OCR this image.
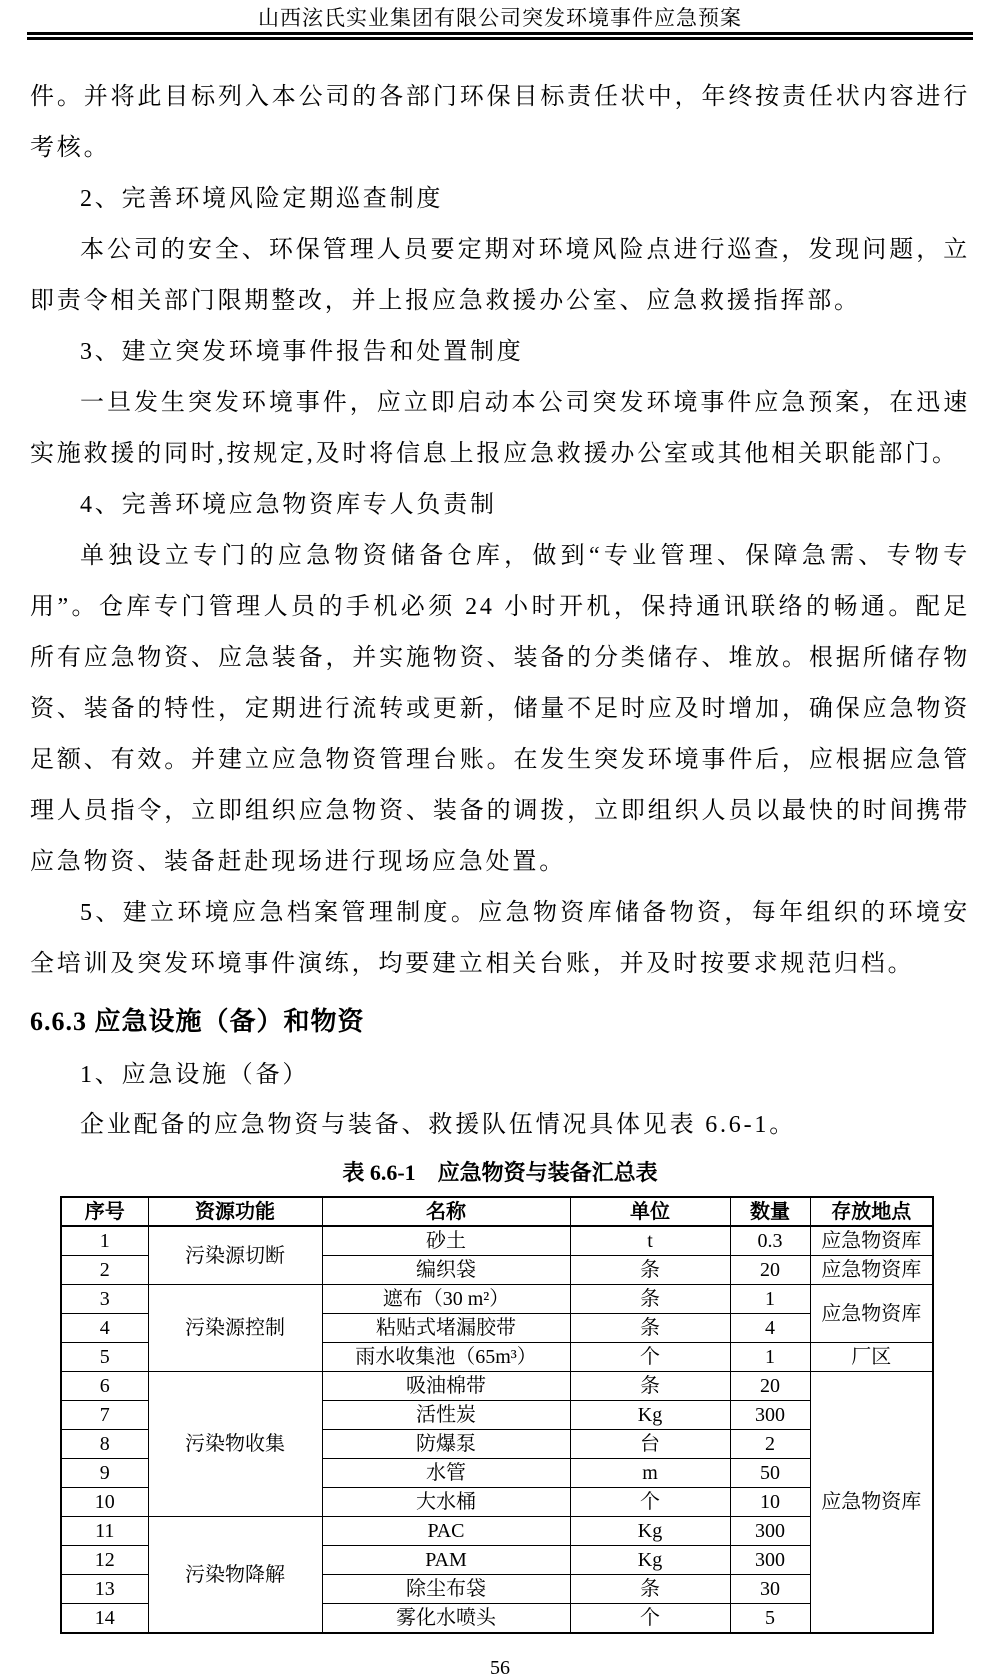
山西泫氏实业集团有限公司突发环境事件应急预案

件。并将此目标列入本公司的各部门环保目标责任状中，年终按责任状内容进行考核。

2、完善环境风险定期巡查制度

本公司的安全、环保管理人员要定期对环境风险点进行巡查，发现问题，立即责令相关部门限期整改，并上报应急救援办公室、应急救援指挥部。

3、建立突发环境事件报告和处置制度

一旦发生突发环境事件，应立即启动本公司突发环境事件应急预案，在迅速实施救援的同时,按规定,及时将信息上报应急救援办公室或其他相关职能部门。

4、完善环境应急物资库专人负责制

单独设立专门的应急物资储备仓库，做到“专业管理、保障急需、专物专用”。仓库专门管理人员的手机必须 24 小时开机，保持通讯联络的畅通。配足所有应急物资、应急装备，并实施物资、装备的分类储存、堆放。根据所储存物资、装备的特性，定期进行流转或更新，储量不足时应及时增加，确保应急物资足额、有效。并建立应急物资管理台账。在发生突发环境事件后，应根据应急管理人员指令，立即组织应急物资、装备的调拨，立即组织人员以最快的时间携带应急物资、装备赶赴现场进行现场应急处置。

5、建立环境应急档案管理制度。应急物资库储备物资，每年组织的环境安全培训及突发环境事件演练，均要建立相关台账，并及时按要求规范归档。

6.6.3 应急设施（备）和物资

1、应急设施（备）

企业配备的应急物资与装备、救援队伍情况具体见表 6.6-1。

表 6.6-1　应急物资与装备汇总表

序号	资源功能	名称	单位	数量	存放地点
1	污染源切断	砂土	t	0.3	应急物资库
2		编织袋	条	20	应急物资库
3	污染源控制	遮布（30 m²）	条	1	应急物资库
4		粘贴式堵漏胶带	条	4	
5		雨水收集池（65m³）	个	1	厂区
6	污染物收集	吸油棉带	条	20	应急物资库
7		活性炭	Kg	300	
8		防爆泵	台	2	
9		水管	m	50	
10		大水桶	个	10	
11	污染物降解	PAC	Kg	300	
12		PAM	Kg	300	
13		除尘布袋	条	30	
14		雾化水喷头	个	5	
56
